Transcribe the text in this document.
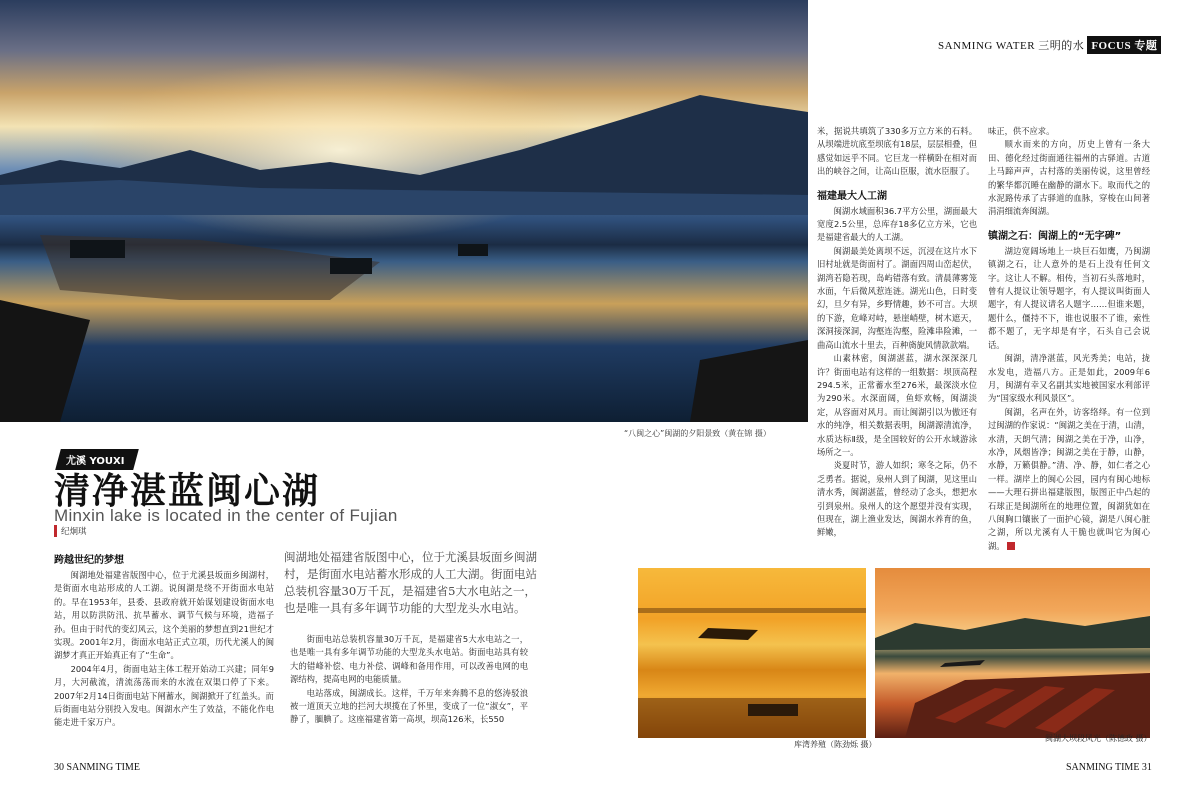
“八闽之心”闽湖的夕阳景致（黄在锦 摄）
SANMING WATER 三明的水 FOCUS 专题
尤溪 YOUXI
清净湛蓝闽心湖
Minxin lake is located in the center of Fujian
纪炯琪
跨越世纪的梦想

闽湖地处福建省版图中心，位于尤溪县坂面乡闽湖村，是街面水电站形成的人工湖。说闽湖是绕不开街面水电站的。早在1953年，县委、县政府就开始谋划建设街面水电站，用以防洪防汛、抗旱蓄水、调节气候与环境，造福子孙。但由于时代的变幻风云，这个美丽的梦想直到21世纪才实现。2001年2月，街面水电站正式立项，历代尤溪人的闽湖梦才真正开始真正有了“生命”。

2004年4月，街面电站主体工程开始动工兴建；同年9月，大河截流，清流荡荡而来的水流在双渠口停了下来。2007年2月14日街面电站下闸蓄水，闽湖掀开了红盖头。而后街面电站分别投入发电。闽湖水产生了效益，不能化作电能走进千家万户。

闽湖地处福建省版图中心，位于尤溪县坂面乡闽湖村，是街面水电站蓄水形成的人工大湖。街面电站总装机容量30万千瓦，是福建省5大水电站之一，也是唯一具有多年调节功能的大型龙头水电站。

街面电站总装机容量30万千瓦，是福建省5大水电站之一，也是唯一具有多年调节功能的大型龙头水电站。街面电站具有较大的错峰补偿、电力补偿、调峰和备用作用，可以改善电网的电源结构，提高电网的电能质量。

电站落成，闽湖成长。这样，千万年来奔腾不息的悠涛驳浪被一道顶天立地的拦河大坝揽在了怀里，变成了一位“淑女”，平静了，腼腆了。这座福建省第一高坝，坝高126米，长550

米，据说共填筑了330多万立方米的石料。从坝端进坑底至坝底有18层，层层相叠，但感觉如远乎不同。它巨龙一样横卧在相对而出的峡谷之间，让高山臣服，流水臣服了。

福建最大人工湖

闽湖水域面积36.7平方公里，湖面最大宽度2.5公里，总库存18多亿立方米，它也是福建省最大的人工湖。

闽湖最美处离坝不远，沉浸在这片水下旧村址就是街面村了。湖面四周山峦起伏，湖湾若隐若现，岛屿错落有致。清晨薄雾笼水面，午后微风惹连涟。湖光山色，日时变幻，旦夕有异，乡野情趣，妙不可言。大坝的下游，危峰对峙，悬崖峭壁，树木遮天，深洞接深洞，沟壑连沟壑，险滩串险滩，一曲高山流水十里去，百种旖旎风情款款端。

山素林密，闽湖湛蓝，湖水深深深几许？街面电站有这样的一组数据：坝顶高程294.5米，正常蓄水至276米，最深淡水位为290米。水深面阔，鱼虾欢畅，闽湖淡定，从容面对风月。而让闽湖引以为傲还有水的纯净，相关数据表明，闽湖源清流净，水质达标Ⅱ级，是全国较好的公开水域游泳场所之一。

炎夏时节，游人如织；寒冬之际，仍不乏勇者。据说，泉州人到了闽湖，见这里山清水秀，闽湖湛蓝，曾经动了念头，想把水引到泉州。泉州人的这个愿望并没有实现，但现在，湖上渔业发达，闽湖水养育的鱼，鲜嫩，

味正，供不应求。

顺水而来的方向，历史上曾有一条大田、德化经过街面通往福州的古驿道。古道上马蹄声声，古村落的美丽传说，这里曾经的繁华都沉睡在幽静的湖水下。取而代之的水泥路传承了古驿道的血脉，穿梭在山间著涓涓细流奔闽湖。

镇湖之石：闽湖上的“无字碑”

湖边宽阔场地上一块巨石如鹰，乃闽湖镇湖之石，让人意外的是石上没有任何文字。这让人不解。相传，当初石头落地时，曾有人提议让领导题字，有人提议叫街面人题字，有人提议请名人题字……但谁来题，题什么，僵持不下，谁也说服不了谁，索性都不题了，无字却是有字，石头自己会说话。

闽湖，清净湛蓝，风光秀美；电站，拢水发电，造福八方。正是如此，2009年6月，闽湖有幸又名副其实地被国家水利部评为“国家级水利风景区”。

闽湖，名声在外，访客络绎。有一位到过闽湖的作家说：“闽湖之美在于清，山清，水清，天朗气清；闽湖之美在于净，山净，水净，风烟皆净；闽湖之美在于静，山静，水静，万籁俱静。”清、净、静，如仁者之心一样。湖岸上的闽心公园，园内有闽心地标——大理石拼出福建版图，版图正中凸起的石球正是闽湖所在的地理位置，闽湖犹如在八闽胸口镶嵌了一面护心镜，湖是八闽心脏之湖，所以尤溪有人干脆也就叫它为闽心湖。

库湾养殖（陈劲烁 摄）
闽湖大坝段风光（陈德政 摄）
30 SANMING TIME	SANMING TIME 31
